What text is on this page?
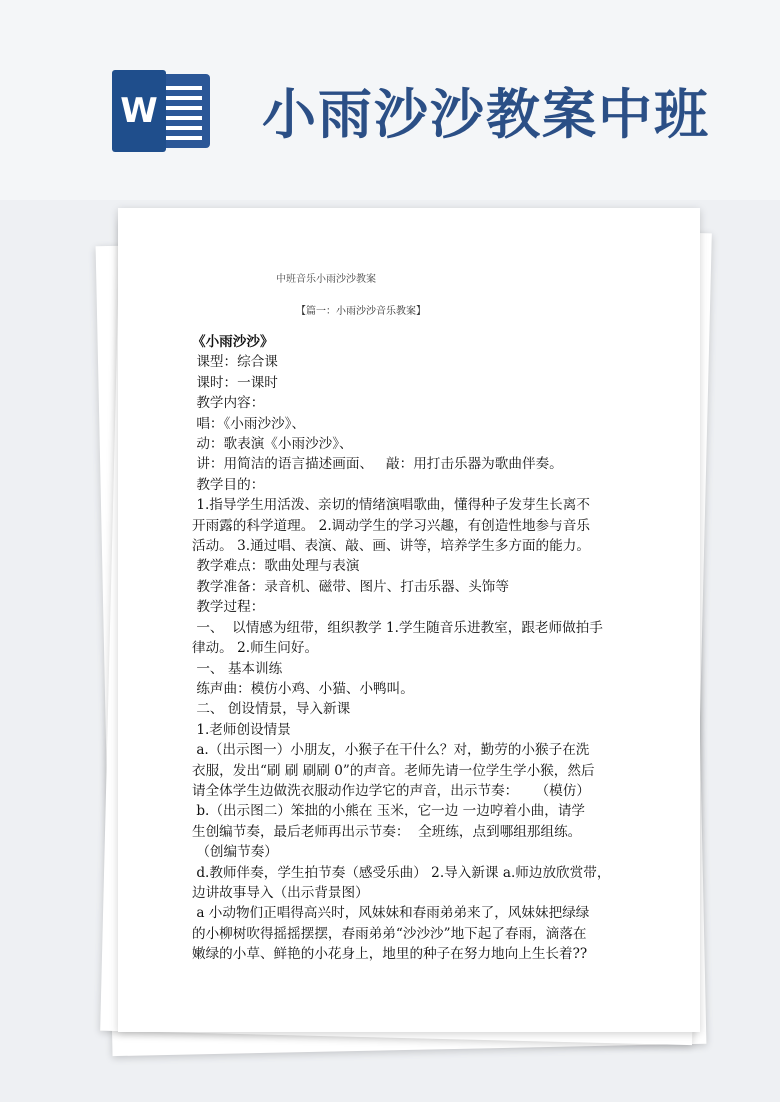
W 小雨沙沙教案中班
中班音乐小雨沙沙教案
【篇一：小雨沙沙音乐教案】

《小雨沙沙》

课型：综合课

课时：一课时

教学内容：

唱：《小雨沙沙》、

动：歌表演《小雨沙沙》、

讲：用简洁的语言描述画面、   敲：用打击乐器为歌曲伴奏。

教学目的：

1.指导学生用活泼、亲切的情绪演唱歌曲，懂得种子发芽生长离不

开雨露的科学道理。 2.调动学生的学习兴趣，有创造性地参与音乐

活动。 3.通过唱、表演、敲、画、讲等，培养学生多方面的能力。

教学难点：歌曲处理与表演

教学准备：录音机、磁带、图片、打击乐器、头饰等

教学过程：

一、  以情感为纽带，组织教学 1.学生随音乐进教室，跟老师做拍手

律动。 2.师生问好。

一、 基本训练

练声曲：模仿小鸡、小猫、小鸭叫。

二、 创设情景，导入新课

1.老师创设情景

a.（出示图一）小朋友，小猴子在干什么？对，勤劳的小猴子在洗

衣服，发出“刷 刷 刷刷 0”的声音。老师先请一位学生学小猴，然后

请全体学生边做洗衣服动作边学它的声音，出示节奏：    （模仿）

b.（出示图二）笨拙的小熊在 玉米，它一边 一边哼着小曲，请学

生创编节奏，最后老师再出示节奏：  全班练，点到哪组那组练。

（创编节奏）

d.教师伴奏，学生拍节奏（感受乐曲） 2.导入新课 a.师边放欣赏带，

边讲故事导入（出示背景图）

a 小动物们正唱得高兴时，风妹妹和春雨弟弟来了，风妹妹把绿绿

的小柳树吹得摇摇摆摆，春雨弟弟“沙沙沙”地下起了春雨，滴落在

嫩绿的小草、鲜艳的小花身上，地里的种子在努力地向上生长着??
